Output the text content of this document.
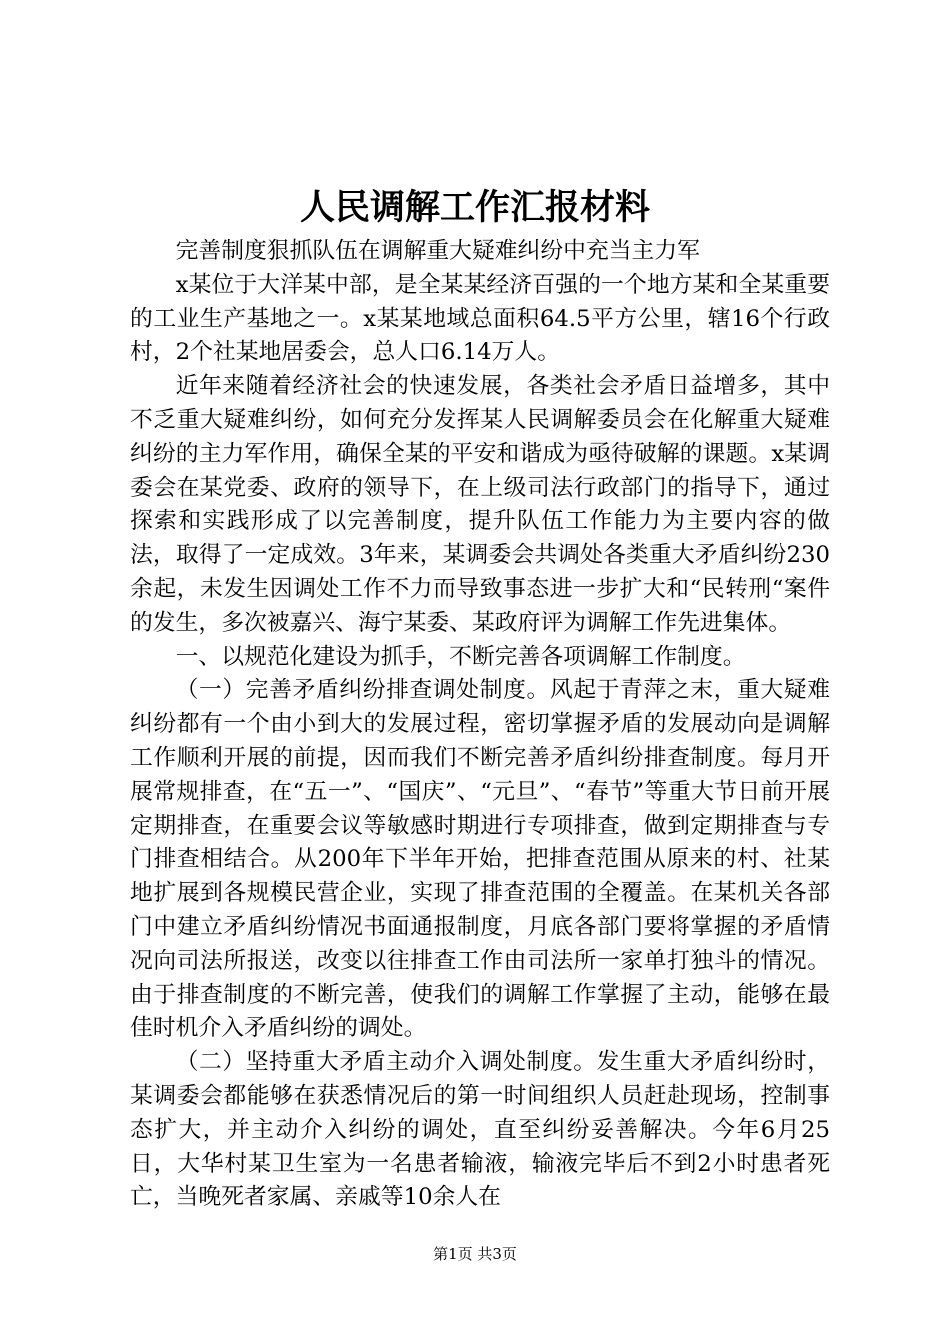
人民调解工作汇报材料

完善制度狠抓队伍在调解重大疑难纠纷中充当主力军

x某位于大洋某中部，是全某某经济百强的一个地方某和全某重要的工业生产基地之一。x某某地域总面积64.5平方公里，辖16个行政村，2个社某地居委会，总人口6.14万人。

近年来随着经济社会的快速发展，各类社会矛盾日益增多，其中不乏重大疑难纠纷，如何充分发挥某人民调解委员会在化解重大疑难纠纷的主力军作用，确保全某的平安和谐成为亟待破解的课题。x某调委会在某党委、政府的领导下，在上级司法行政部门的指导下，通过探索和实践形成了以完善制度，提升队伍工作能力为主要内容的做法，取得了一定成效。3年来，某调委会共调处各类重大矛盾纠纷230余起，未发生因调处工作不力而导致事态进一步扩大和“民转刑“案件的发生，多次被嘉兴、海宁某委、某政府评为调解工作先进集体。

一、以规范化建设为抓手，不断完善各项调解工作制度。

（一）完善矛盾纠纷排查调处制度。风起于青萍之末，重大疑难纠纷都有一个由小到大的发展过程，密切掌握矛盾的发展动向是调解工作顺利开展的前提，因而我们不断完善矛盾纠纷排查制度。每月开展常规排查，在“五一”、“国庆”、“元旦”、“春节”等重大节日前开展定期排查，在重要会议等敏感时期进行专项排查，做到定期排查与专门排查相结合。从200年下半年开始，把排查范围从原来的村、社某地扩展到各规模民营企业，实现了排查范围的全覆盖。在某机关各部门中建立矛盾纠纷情况书面通报制度，月底各部门要将掌握的矛盾情况向司法所报送，改变以往排查工作由司法所一家单打独斗的情况。由于排查制度的不断完善，使我们的调解工作掌握了主动，能够在最佳时机介入矛盾纠纷的调处。

（二）坚持重大矛盾主动介入调处制度。发生重大矛盾纠纷时，某调委会都能够在获悉情况后的第一时间组织人员赶赴现场，控制事态扩大，并主动介入纠纷的调处，直至纠纷妥善解决。今年6月25日，大华村某卫生室为一名患者输液，输液完毕后不到2小时患者死亡，当晚死者家属、亲戚等10余人在

第1页 共3页
